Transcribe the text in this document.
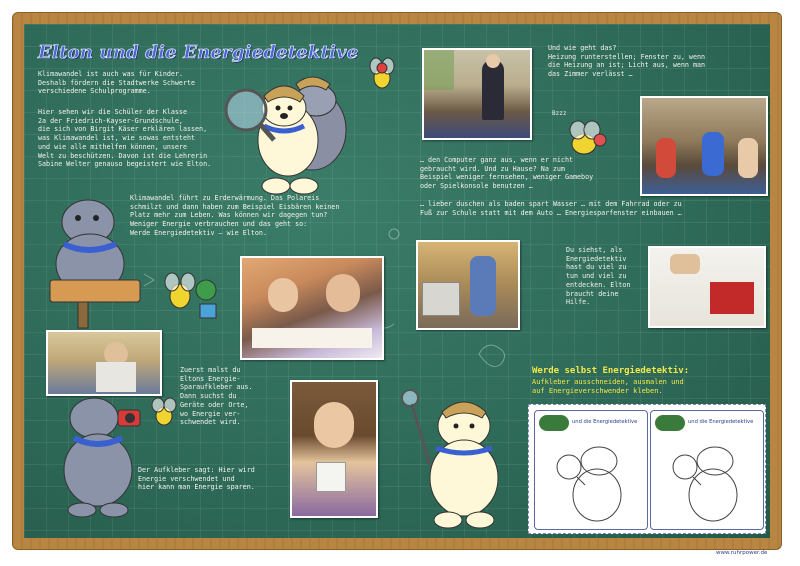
Bzzz
Elton und die Energiedetektive
Klimawandel ist auch was für Kinder.
Deshalb fördern die Stadtwerke Schwerte
verschiedene Schulprogramme.
Hier sehen wir die Schüler der Klasse
2a der Friedrich-Kayser-Grundschule,
die sich von Birgit Käser erklären lassen,
was Klimawandel ist, wie sowas entsteht
und wie alle mithelfen können, unsere
Welt zu beschützen. Davon ist die Lehrerin
Sabine Welter genauso begeistert wie Elton.
Klimawandel führt zu Erderwärmung. Das Polareis
schmilzt und dann haben zum Beispiel Eisbären keinen
Platz mehr zum Leben. Was können wir dagegen tun?
Weniger Energie verbrauchen und das geht so:
Werde Energiedetektiv – wie Elton.
Und wie geht das?
Heizung runterstellen; Fenster zu, wenn
die Heizung an ist; Licht aus, wenn man
das Zimmer verlässt …
… den Computer ganz aus, wenn er nicht
gebraucht wird. Und zu Hause? Na zum
Beispiel weniger fernsehen, weniger Gameboy
oder Spielkonsole benutzen …
… lieber duschen als baden spart Wasser … mit dem Fahrrad oder zu
Fuß zur Schule statt mit dem Auto … Energiesparfenster einbauen …
Du siehst, als
Energiedetektiv
hast du viel zu
tun und viel zu
entdecken. Elton
braucht deine
Hilfe.
Zuerst malst du
Eltons Energie-
Sparaufkleber aus.
Dann suchst du
Geräte oder Orte,
wo Energie ver-
schwendet wird.
Der Aufkleber sagt: Hier wird
Energie verschwendet und
hier kann man Energie sparen.
Werde selbst Energiedetektiv:
Aufkleber ausschneiden, ausmalen und
auf Energieverschwender kleben.
und die Energiedetektive	und die Energiedetektive
www.ruhrpower.de
